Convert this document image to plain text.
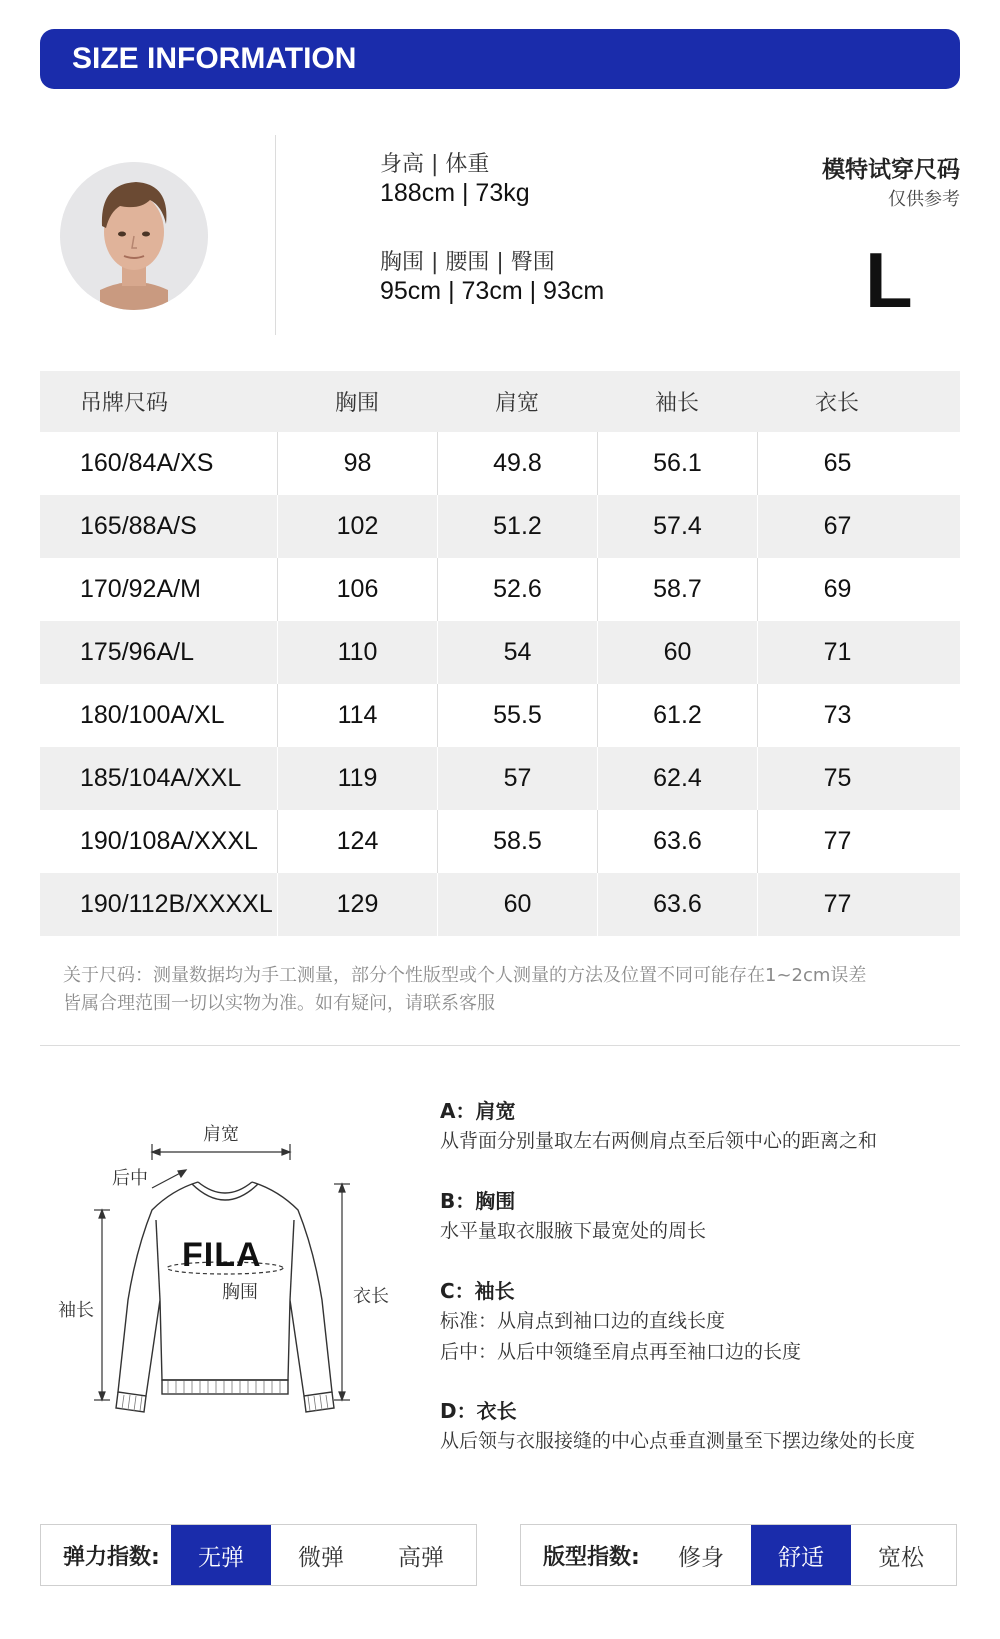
SIZE INFORMATION
身高 | 体重
188cm | 73kg
胸围 | 腰围 | 臀围
95cm | 73cm | 93cm
模特试穿尺码
仅供参考
L
吊牌尺码	胸围	肩宽	袖长	衣长
160/84A/XS	98	49.8	56.1	65
165/88A/S	102	51.2	57.4	67
170/92A/M	106	52.6	58.7	69
175/96A/L	110	54	60	71
180/100A/XL	114	55.5	61.2	73
185/104A/XXL	119	57	62.4	75
190/108A/XXXL	124	58.5	63.6	77
190/112B/XXXXL	129	60	63.6	77
关于尺码：测量数据均为手工测量，部分个性版型或个人测量的方法及位置不同可能存在1~2cm误差
皆属合理范围一切以实物为准。如有疑问，请联系客服
肩宽
后中
袖长
衣长
胸围
FILA
A：肩宽
从背面分别量取左右两侧肩点至后领中心的距离之和
B：胸围
水平量取衣服腋下最宽处的周长
C：袖长
标准：从肩点到袖口边的直线长度
后中：从后中领缝至肩点再至袖口边的长度
D：衣长
从后领与衣服接缝的中心点垂直测量至下摆边缘处的长度
弹力指数:	无弹	微弹	高弹	版型指数:	修身	舒适	宽松
